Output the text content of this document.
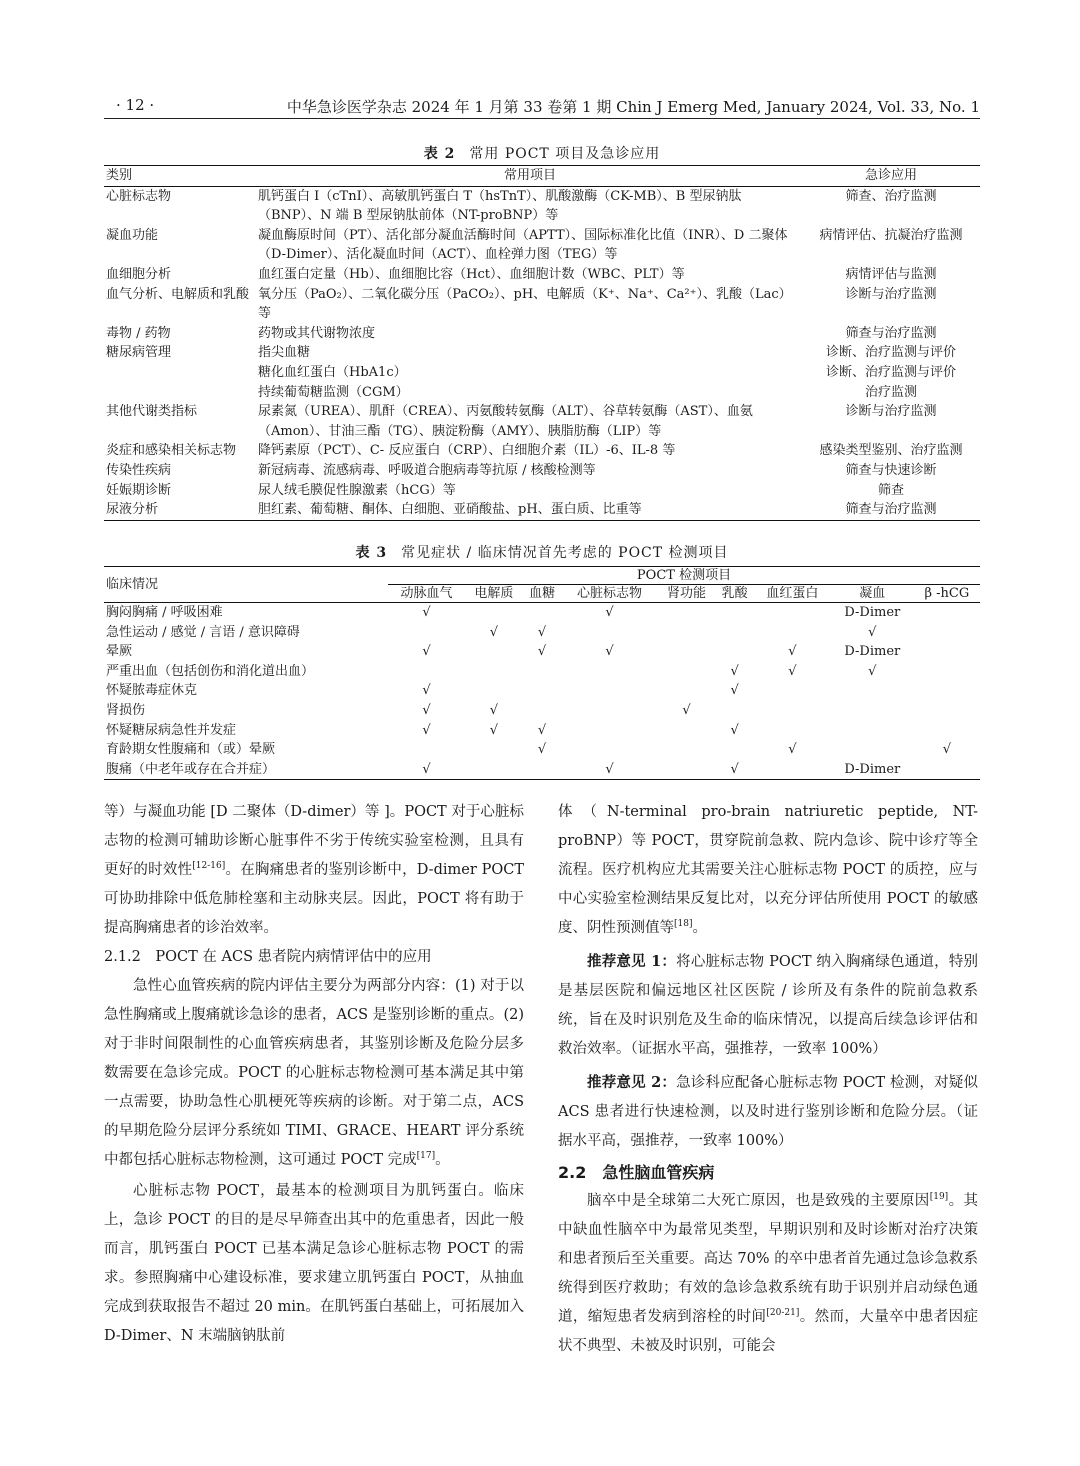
· 12 ·	中华急诊医学杂志 2024 年 1 月第 33 卷第 1 期 Chin J Emerg Med, January 2024, Vol. 33, No. 1
表 2 常用 POCT 项目及急诊应用
类别	常用项目	急诊应用
心脏标志物	肌钙蛋白 I（cTnI）、高敏肌钙蛋白 T（hsTnT）、肌酸激酶（CK-MB）、B 型尿钠肽（BNP）、N 端 B 型尿钠肽前体（NT-proBNP）等	筛查、治疗监测
凝血功能	凝血酶原时间（PT）、活化部分凝血活酶时间（APTT）、国际标准化比值（INR）、D 二聚体（D-Dimer）、活化凝血时间（ACT）、血栓弹力图（TEG）等	病情评估、抗凝治疗监测
血细胞分析	血红蛋白定量（Hb）、血细胞比容（Hct）、血细胞计数（WBC、PLT）等	病情评估与监测
血气分析、电解质和乳酸	氧分压（PaO₂）、二氧化碳分压（PaCO₂）、pH、电解质（K⁺、Na⁺、Ca²⁺）、乳酸（Lac）等	诊断与治疗监测
毒物 / 药物	药物或其代谢物浓度	筛查与治疗监测
糖尿病管理	指尖血糖	诊断、治疗监测与评价
	糖化血红蛋白（HbA1c）	诊断、治疗监测与评价
	持续葡萄糖监测（CGM）	治疗监测
其他代谢类指标	尿素氮（UREA）、肌酐（CREA）、丙氨酸转氨酶（ALT）、谷草转氨酶（AST）、血氨（Amon）、甘油三酯（TG）、胰淀粉酶（AMY）、胰脂肪酶（LIP）等	诊断与治疗监测
炎症和感染相关标志物	降钙素原（PCT）、C- 反应蛋白（CRP）、白细胞介素（IL）-6、IL-8 等	感染类型鉴别、治疗监测
传染性疾病	新冠病毒、流感病毒、呼吸道合胞病毒等抗原 / 核酸检测等	筛查与快速诊断
妊娠期诊断	尿人绒毛膜促性腺激素（hCG）等	筛查
尿液分析	胆红素、葡萄糖、酮体、白细胞、亚硝酸盐、pH、蛋白质、比重等	筛查与治疗监测
表 3 常见症状 / 临床情况首先考虑的 POCT 检测项目
临床情况	POCT 检测项目								
	动脉血气	电解质	血糖	心脏标志物	肾功能	乳酸	血红蛋白	凝血	β -hCG
胸闷胸痛 / 呼吸困难	√			√				D-Dimer	
急性运动 / 感觉 / 言语 / 意识障碍		√	√					√	
晕厥	√		√	√			√	D-Dimer	
严重出血（包括创伤和消化道出血）						√	√	√	
怀疑脓毒症休克	√					√			
肾损伤	√	√			√				
怀疑糖尿病急性并发症	√	√	√			√			
育龄期女性腹痛和（或）晕厥			√				√		√
腹痛（中老年或存在合并症）	√			√		√		D-Dimer	

等）与凝血功能 [D 二聚体（D-dimer）等 ]。POCT 对于心脏标志物的检测可辅助诊断心脏事件不劣于传统实验室检测，且具有更好的时效性[12-16]。在胸痛患者的鉴别诊断中，D-dimer POCT 可协助排除中低危肺栓塞和主动脉夹层。因此，POCT 将有助于提高胸痛患者的诊治效率。

2.1.2　POCT 在 ACS 患者院内病情评估中的应用

急性心血管疾病的院内评估主要分为两部分内容：(1) 对于以急性胸痛或上腹痛就诊急诊的患者，ACS 是鉴别诊断的重点。(2) 对于非时间限制性的心血管疾病患者，其鉴别诊断及危险分层多数需要在急诊完成。POCT 的心脏标志物检测可基本满足其中第一点需要，协助急性心肌梗死等疾病的诊断。对于第二点，ACS 的早期危险分层评分系统如 TIMI、GRACE、HEART 评分系统中都包括心脏标志物检测，这可通过 POCT 完成[17]。

心脏标志物 POCT，最基本的检测项目为肌钙蛋白。临床上，急诊 POCT 的目的是尽早筛查出其中的危重患者，因此一般而言，肌钙蛋白 POCT 已基本满足急诊心脏标志物 POCT 的需求。参照胸痛中心建设标准，要求建立肌钙蛋白 POCT，从抽血完成到获取报告不超过 20 min。在肌钙蛋白基础上，可拓展加入 D-Dimer、N 末端脑钠肽前

体（N-terminal pro-brain natriuretic peptide, NT-proBNP）等 POCT，贯穿院前急救、院内急诊、院中诊疗等全流程。医疗机构应尤其需要关注心脏标志物 POCT 的质控，应与中心实验室检测结果反复比对，以充分评估所使用 POCT 的敏感度、阴性预测值等[18]。

推荐意见 1：将心脏标志物 POCT 纳入胸痛绿色通道，特别是基层医院和偏远地区社区医院 / 诊所及有条件的院前急救系统，旨在及时识别危及生命的临床情况，以提高后续急诊评估和救治效率。（证据水平高，强推荐，一致率 100%）

推荐意见 2：急诊科应配备心脏标志物 POCT 检测，对疑似 ACS 患者进行快速检测，以及时进行鉴别诊断和危险分层。（证据水平高，强推荐，一致率 100%）

2.2　急性脑血管疾病

脑卒中是全球第二大死亡原因，也是致残的主要原因[19]。其中缺血性脑卒中为最常见类型，早期识别和及时诊断对治疗决策和患者预后至关重要。高达 70% 的卒中患者首先通过急诊急救系统得到医疗救助；有效的急诊急救系统有助于识别并启动绿色通道，缩短患者发病到溶栓的时间[20-21]。然而，大量卒中患者因症状不典型、未被及时识别，可能会
